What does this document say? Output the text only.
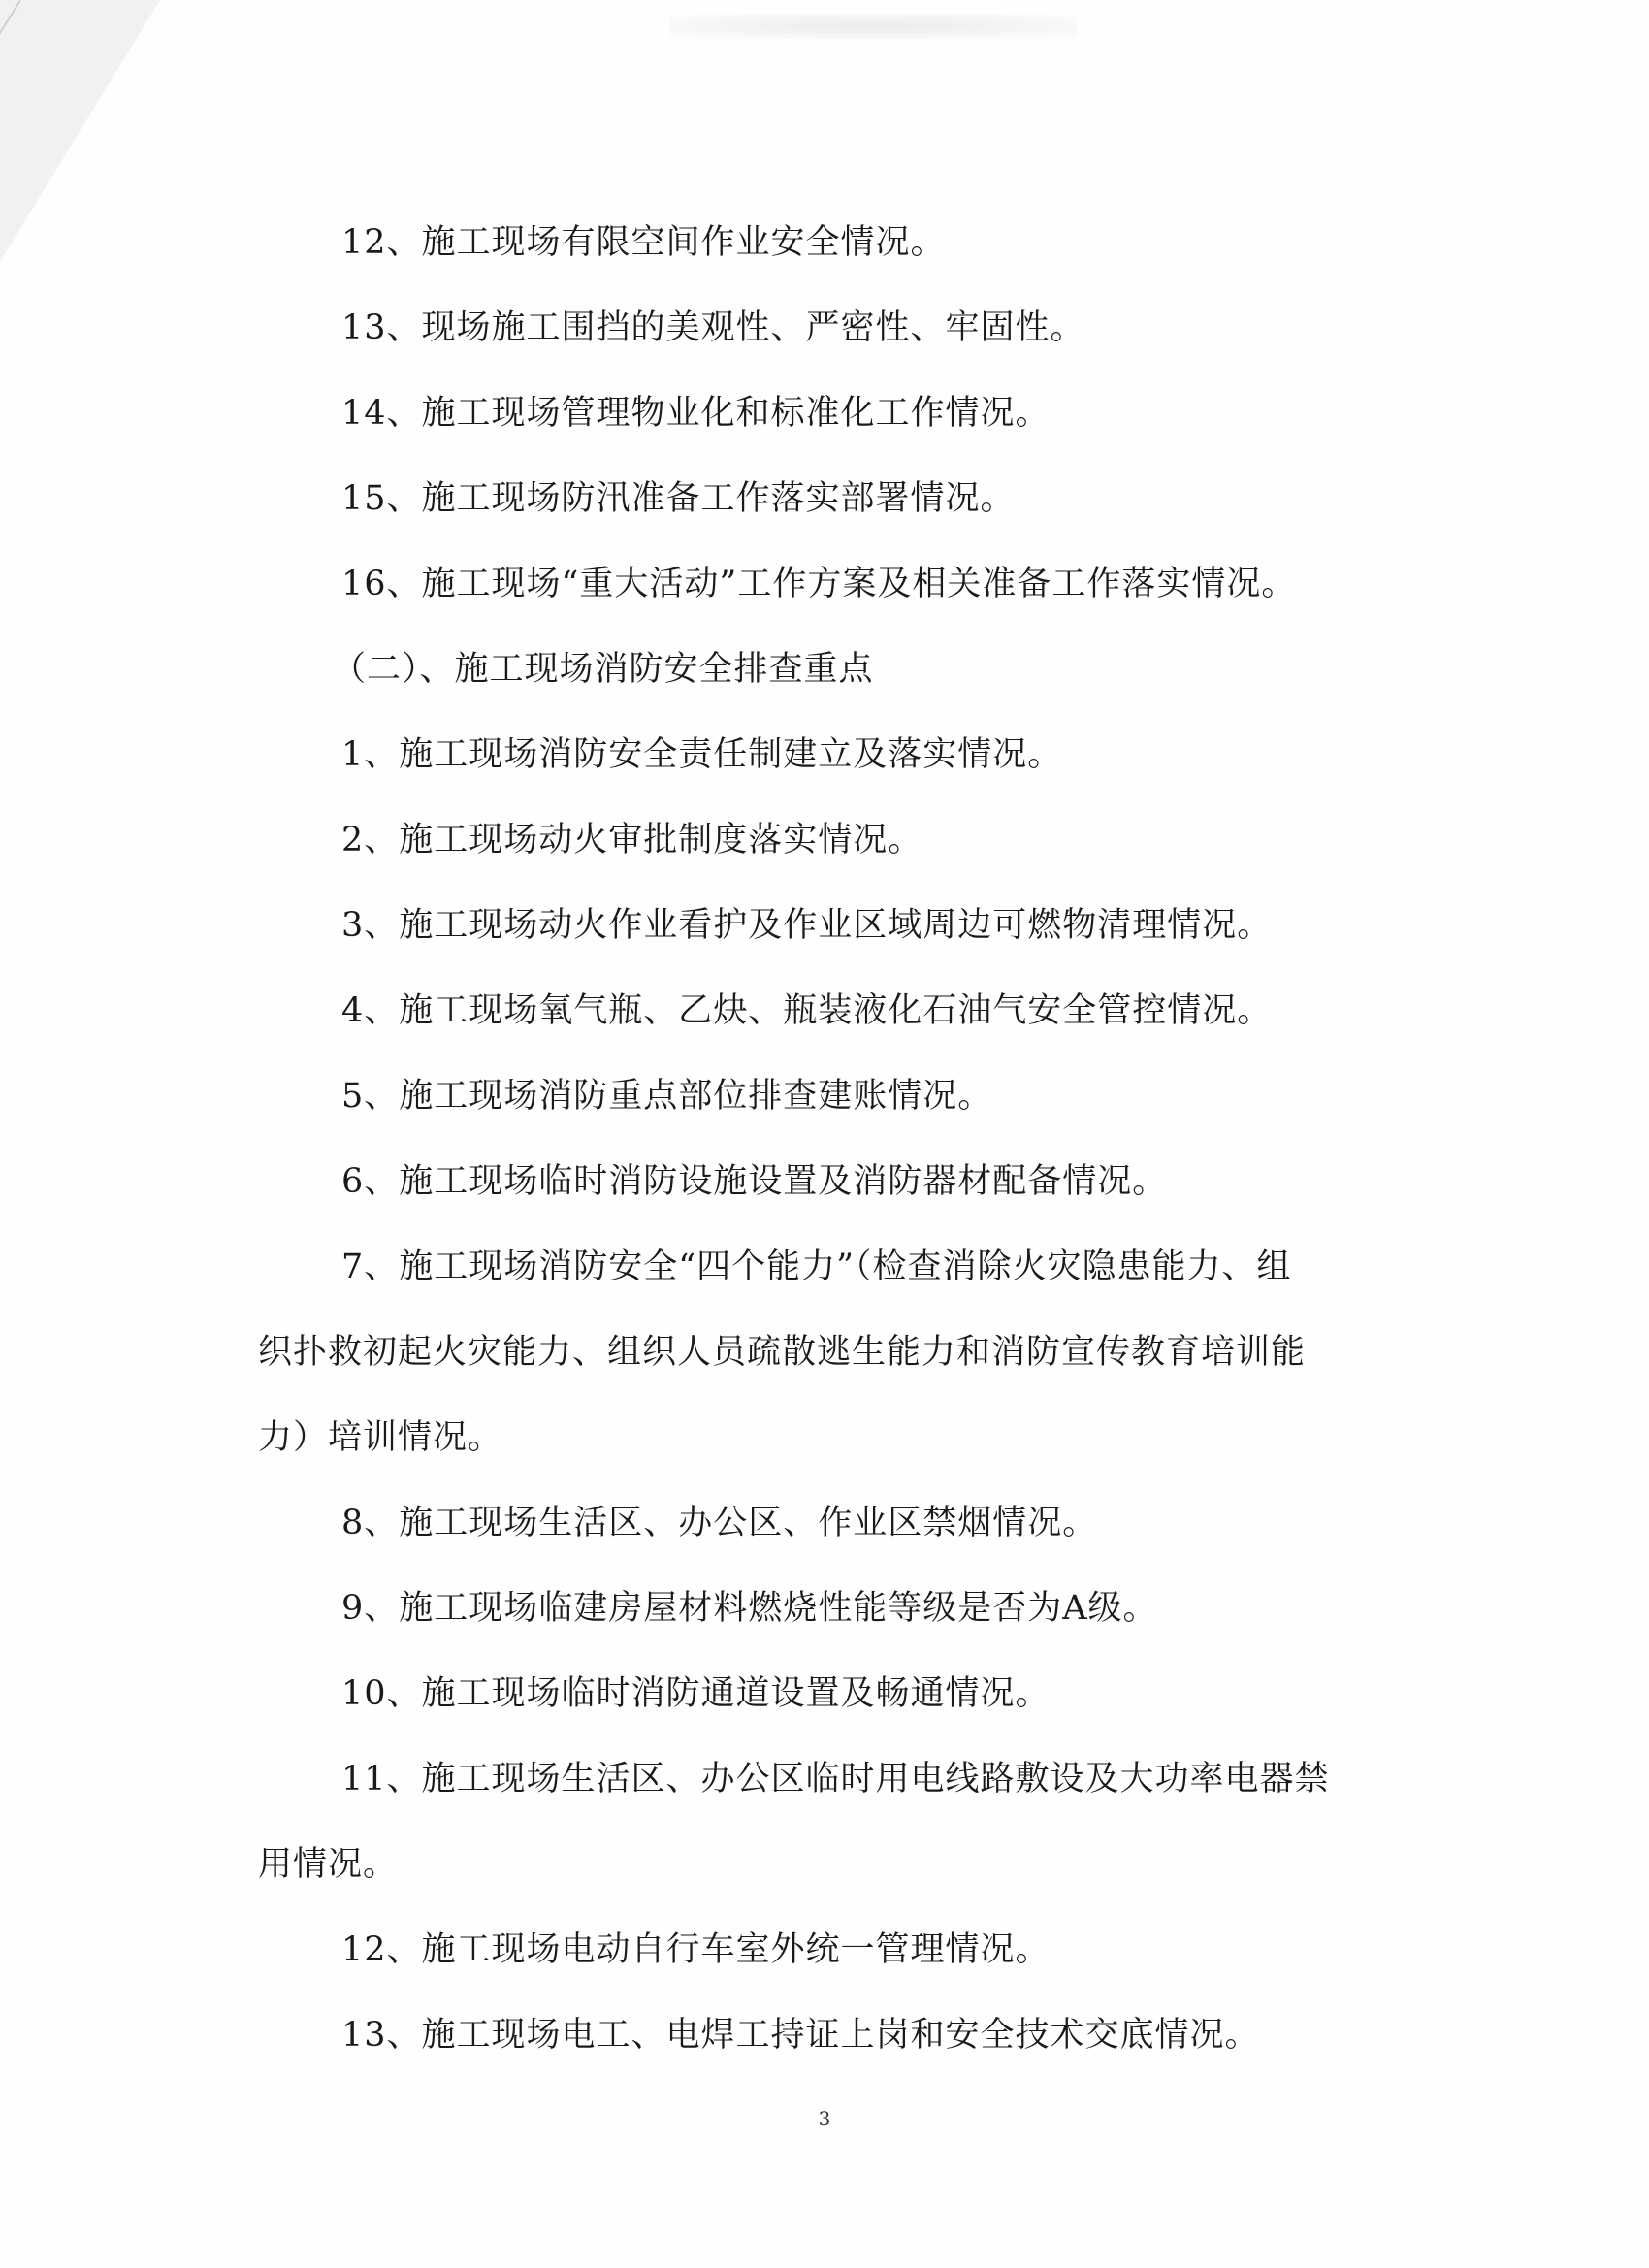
12、施工现场有限空间作业安全情况。
13、现场施工围挡的美观性、严密性、牢固性。
14、施工现场管理物业化和标准化工作情况。
15、施工现场防汛准备工作落实部署情况。
16、施工现场“重大活动”工作方案及相关准备工作落实情况。
（二）、施工现场消防安全排查重点
1、施工现场消防安全责任制建立及落实情况。
2、施工现场动火审批制度落实情况。
3、施工现场动火作业看护及作业区域周边可燃物清理情况。
4、施工现场氧气瓶、乙炔、瓶装液化石油气安全管控情况。
5、施工现场消防重点部位排查建账情况。
6、施工现场临时消防设施设置及消防器材配备情况。
7、施工现场消防安全“四个能力”（检查消除火灾隐患能力、组
织扑救初起火灾能力、组织人员疏散逃生能力和消防宣传教育培训能
力）培训情况。
8、施工现场生活区、办公区、作业区禁烟情况。
9、施工现场临建房屋材料燃烧性能等级是否为A级。
10、施工现场临时消防通道设置及畅通情况。
11、施工现场生活区、办公区临时用电线路敷设及大功率电器禁
用情况。
12、施工现场电动自行车室外统一管理情况。
13、施工现场电工、电焊工持证上岗和安全技术交底情况。
3
